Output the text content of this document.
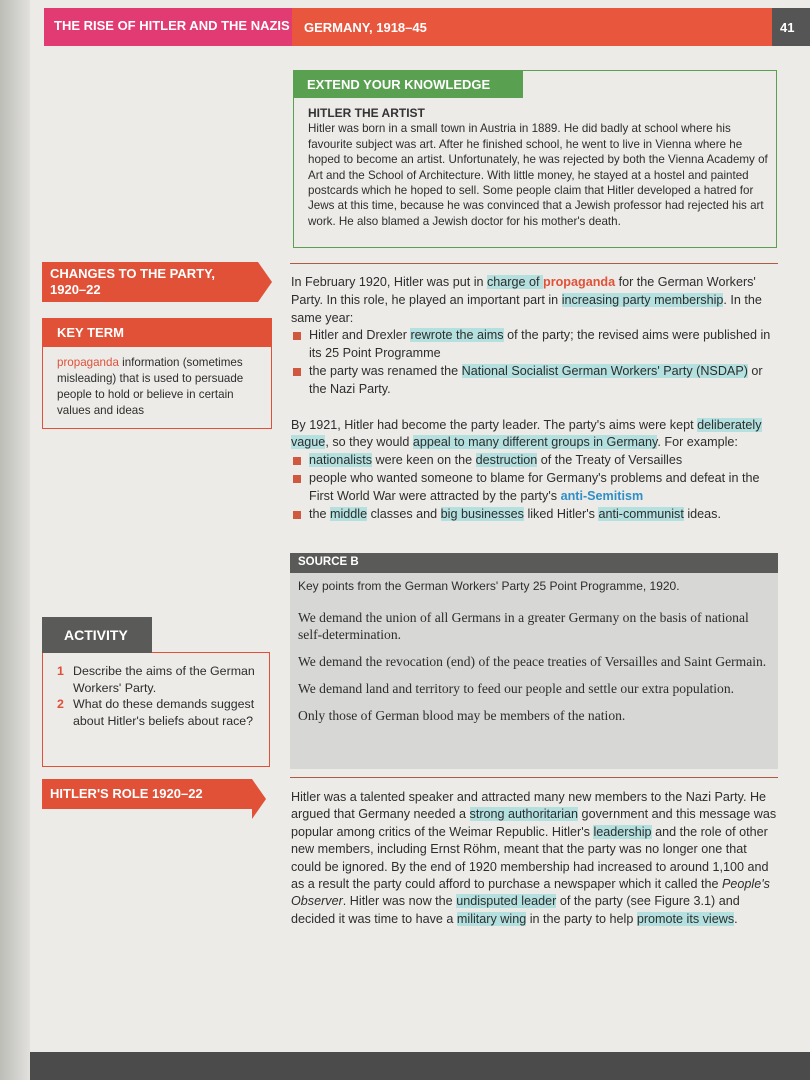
THE RISE OF HITLER AND THE NAZIS	GERMANY, 1918–45	41
EXTEND YOUR KNOWLEDGE
HITLER THE ARTIST

Hitler was born in a small town in Austria in 1889. He did badly at school where his favourite subject was art. After he finished school, he went to live in Vienna where he hoped to become an artist. Unfortunately, he was rejected by both the Vienna Academy of Art and the School of Architecture. With little money, he stayed at a hostel and painted postcards which he hoped to sell. Some people claim that Hitler developed a hatred for Jews at this time, because he was convinced that a Jewish professor had rejected his art work. He also blamed a Jewish doctor for his mother's death.

CHANGES TO THE PARTY, 1920–22
KEY TERM
propaganda information (sometimes misleading) that is used to persuade people to hold or believe in certain values and ideas

In February 1920, Hitler was put in charge of propaganda for the German Workers' Party. In this role, he played an important part in increasing party membership. In the same year:

Hitler and Drexler rewrote the aims of the party; the revised aims were published in its 25 Point Programme
the party was renamed the National Socialist German Workers' Party (NSDAP) or the Nazi Party.

By 1921, Hitler had become the party leader. The party's aims were kept deliberately vague, so they would appeal to many different groups in Germany. For example:

nationalists were keen on the destruction of the Treaty of Versailles
people who wanted someone to blame for Germany's problems and defeat in the First World War were attracted by the party's anti-Semitism
the middle classes and big businesses liked Hitler's anti-communist ideas.
SOURCE B
Key points from the German Workers' Party 25 Point Programme, 1920.
We demand the union of all Germans in a greater Germany on the basis of national self-determination.
We demand the revocation (end) of the peace treaties of Versailles and Saint Germain.
We demand land and territory to feed our people and settle our extra population.
Only those of German blood may be members of the nation.
1 Describe the aims of the German Workers' Party.
2 What do these demands suggest about Hitler's beliefs about race?
ACTIVITY
HITLER'S ROLE 1920–22	Hitler was a talented speaker and attracted many new members to the Nazi Party. He argued that Germany needed a strong authoritarian government and this message was popular among critics of the Weimar Republic. Hitler's leadership and the role of other new members, including Ernst Röhm, meant that the party was no longer one that could be ignored. By the end of 1920 membership had increased to around 1,100 and as a result the party could afford to purchase a newspaper which it called the People's Observer. Hitler was now the undisputed leader of the party (see Figure 3.1) and decided it was time to have a military wing in the party to help promote its views.
